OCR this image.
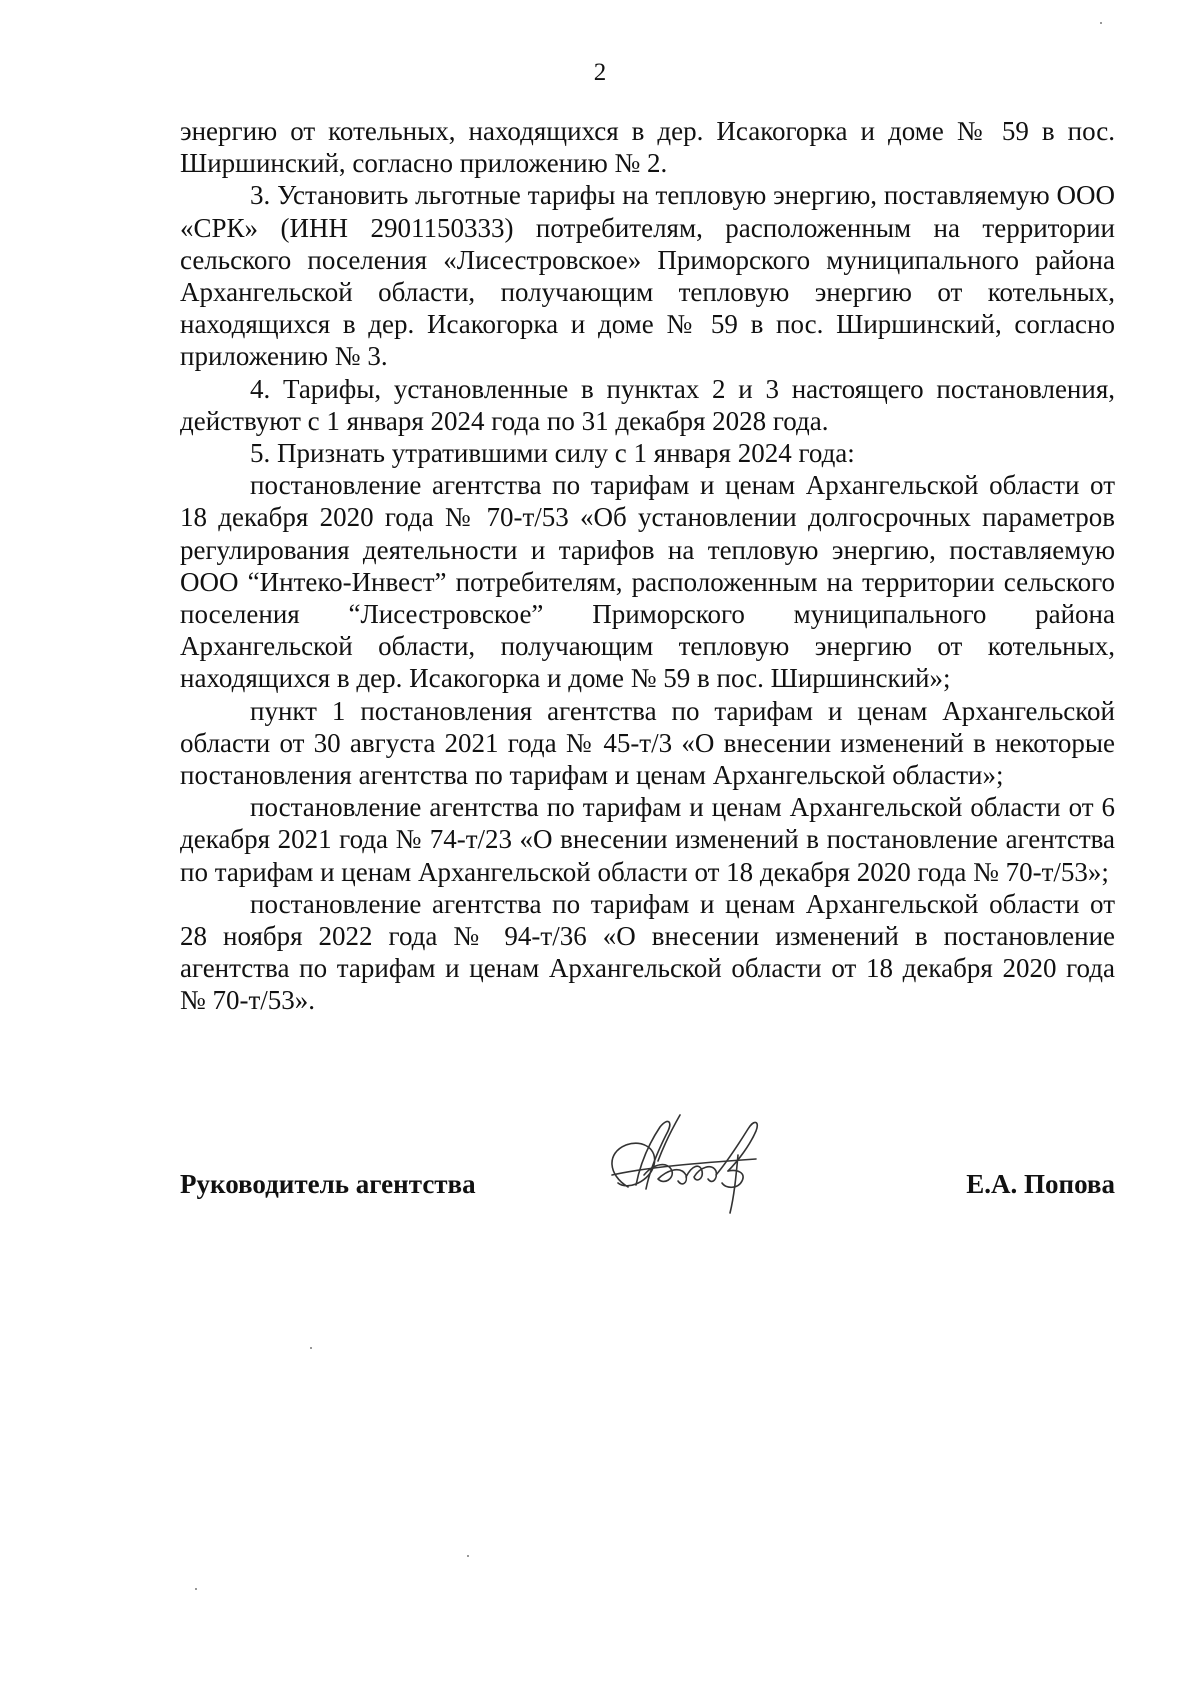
2

энергию от котельных, находящихся в дер. Исакогорка и доме № 59 в пос. Ширшинский, согласно приложению № 2.

3. Установить льготные тарифы на тепловую энергию, поставляемую ООО «СРК» (ИНН 2901150333) потребителям, расположенным на территории сельского поселения «Лисестровское» Приморского муниципального района Архангельской области, получающим тепловую энергию от котельных, находящихся в дер. Исакогорка и доме № 59 в пос. Ширшинский, согласно приложению № 3.

4. Тарифы, установленные в пунктах 2 и 3 настоящего постановления, действуют с 1 января 2024 года по 31 декабря 2028 года.

5. Признать утратившими силу с 1 января 2024 года:

постановление агентства по тарифам и ценам Архангельской области от 18 декабря 2020 года № 70-т/53 «Об установлении долгосрочных параметров регулирования деятельности и тарифов на тепловую энергию, поставляемую ООО “Интеко-Инвест” потребителям, расположенным на территории сельского поселения “Лисестровское” Приморского муниципального района Архангельской области, получающим тепловую энергию от котельных, находящихся в дер. Исакогорка и доме № 59 в пос. Ширшинский»;

пункт 1 постановления агентства по тарифам и ценам Архангельской области от 30 августа 2021 года № 45-т/3 «О внесении изменений в некоторые постановления агентства по тарифам и ценам Архангельской области»;

постановление агентства по тарифам и ценам Архангельской области от 6 декабря 2021 года № 74-т/23 «О внесении изменений в постановление агентства по тарифам и ценам Архангельской области от 18 декабря 2020 года № 70-т/53»;

постановление агентства по тарифам и ценам Архангельской области от 28 ноября 2022 года № 94-т/36 «О внесении изменений в постановление агентства по тарифам и ценам Архангельской области от 18 декабря 2020 года № 70-т/53».

Руководитель агентства	Е.А. Попова
